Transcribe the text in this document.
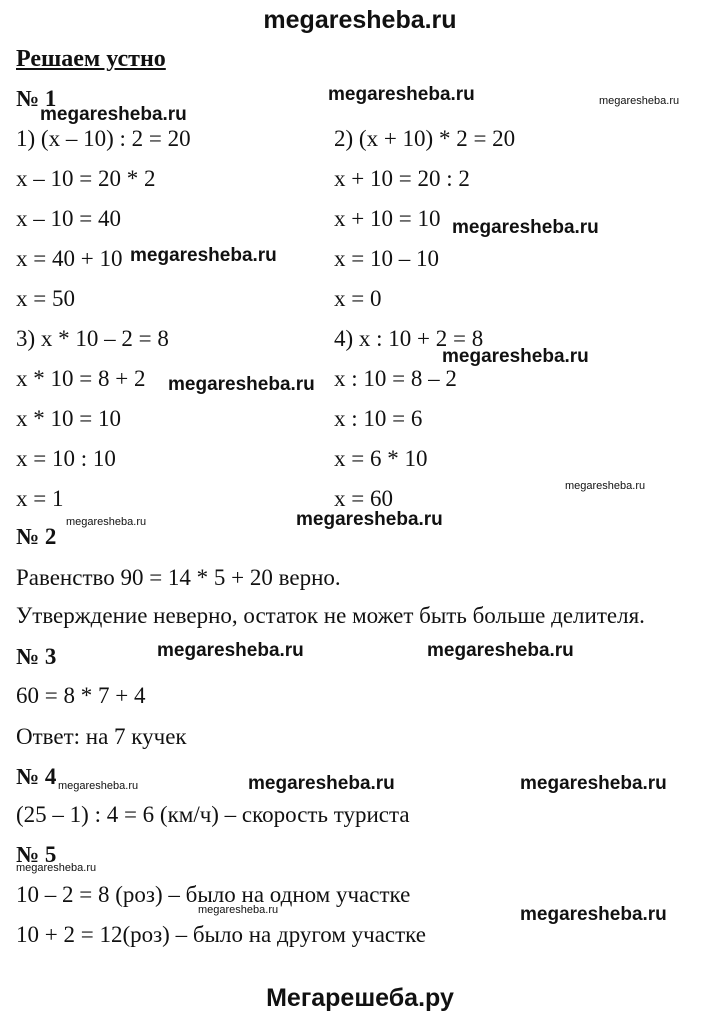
megaresheba.ru
Решаем устно
№ 1
1) (x – 10) : 2 = 20
x – 10 = 20 * 2
x – 10 = 40
x = 40 + 10
x = 50
3) x * 10 – 2 = 8
x * 10 = 8 + 2
x * 10 = 10
x = 10 : 10
x = 1
2) (x + 10) * 2 = 20
x + 10 = 20 : 2
x + 10 = 10
x = 10 – 10
x = 0
4) x : 10 + 2 = 8
x : 10 = 8 – 2
x : 10 = 6
x = 6 * 10
x = 60
№ 2
Равенство 90 = 14 * 5 + 20 верно.
Утверждение неверно, остаток не может быть больше делителя.
№ 3
60 = 8 * 7 + 4
Ответ: на 7 кучек
№ 4
(25 – 1) : 4 = 6 (км/ч) – скорость туриста
№ 5
10 – 2 = 8 (роз) – было на одном участке
10 + 2 = 12(роз) – было на другом участке
megaresheba.ru
megaresheba.ru
megaresheba.ru
megaresheba.ru
megaresheba.ru
megaresheba.ru
megaresheba.ru
megaresheba.ru	megaresheba.ru
megaresheba.ru	megaresheba.ru
megaresheba.ru
megaresheba.ru
megaresheba.ru
megaresheba.ru
megaresheba.ru
megaresheba.ru
megaresheba.ru
Мегарешеба.ру
